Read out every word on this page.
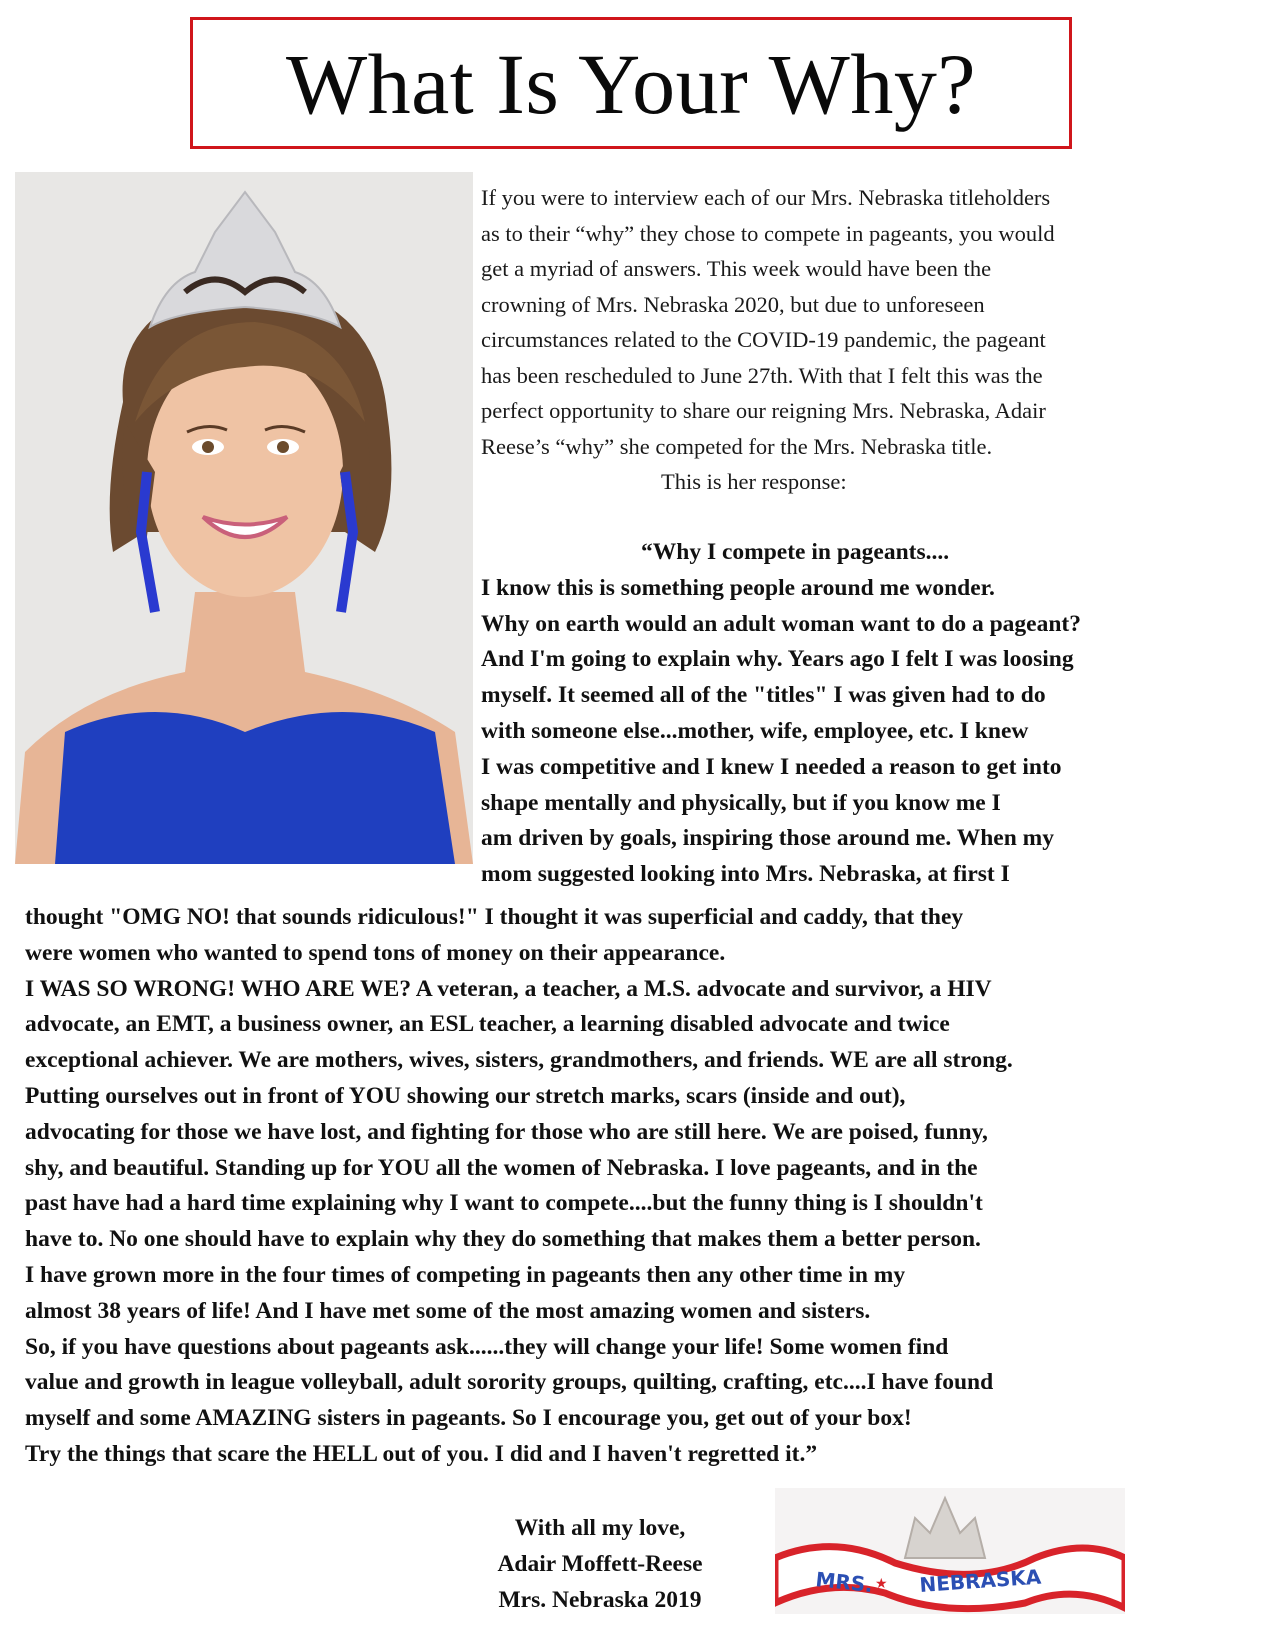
What Is Your Why?
If you were to interview each of our Mrs. Nebraska titleholders
as to their “why” they chose to compete in pageants, you would
get a myriad of answers. This week would have been the
crowning of Mrs. Nebraska 2020, but due to unforeseen
circumstances related to the COVID-19 pandemic, the pageant
has been rescheduled to June 27th. With that I felt this was the
perfect opportunity to share our reigning Mrs. Nebraska, Adair
Reese’s “why” she competed for the Mrs. Nebraska title.
This is her response:
“Why I compete in pageants....
I know this is something people around me wonder.
Why on earth would an adult woman want to do a pageant?
And I'm going to explain why. Years ago I felt I was loosing
myself. It seemed all of the "titles" I was given had to do
with someone else...mother, wife, employee, etc. I knew
I was competitive and I knew I needed a reason to get into
shape mentally and physically, but if you know me I
am driven by goals, inspiring those around me. When my
mom suggested looking into Mrs. Nebraska, at first I
thought "OMG NO! that sounds ridiculous!" I thought it was superficial and caddy, that they
were women who wanted to spend tons of money on their appearance.
I WAS SO WRONG! WHO ARE WE? A veteran, a teacher, a M.S. advocate and survivor, a HIV
advocate, an EMT, a business owner, an ESL teacher, a learning disabled advocate and twice
exceptional achiever. We are mothers, wives, sisters, grandmothers, and friends. WE are all strong.
Putting ourselves out in front of YOU showing our stretch marks, scars (inside and out),
advocating for those we have lost, and fighting for those who are still here. We are poised, funny,
shy, and beautiful. Standing up for YOU all the women of Nebraska. I love pageants, and in the
past have had a hard time explaining why I want to compete....but the funny thing is I shouldn't
have to. No one should have to explain why they do something that makes them a better person.
I have grown more in the four times of competing in pageants then any other time in my
almost 38 years of life! And I have met some of the most amazing women and sisters.
So, if you have questions about pageants ask......they will change your life! Some women find
value and growth in league volleyball, adult sorority groups, quilting, crafting, etc....I have found
myself and some AMAZING sisters in pageants. So I encourage you, get out of your box!
Try the things that scare the HELL out of you. I did and I haven't regretted it.”
With all my love,
Adair Moffett-Reese
Mrs. Nebraska 2019
MRS. ★ NEBRASKA
